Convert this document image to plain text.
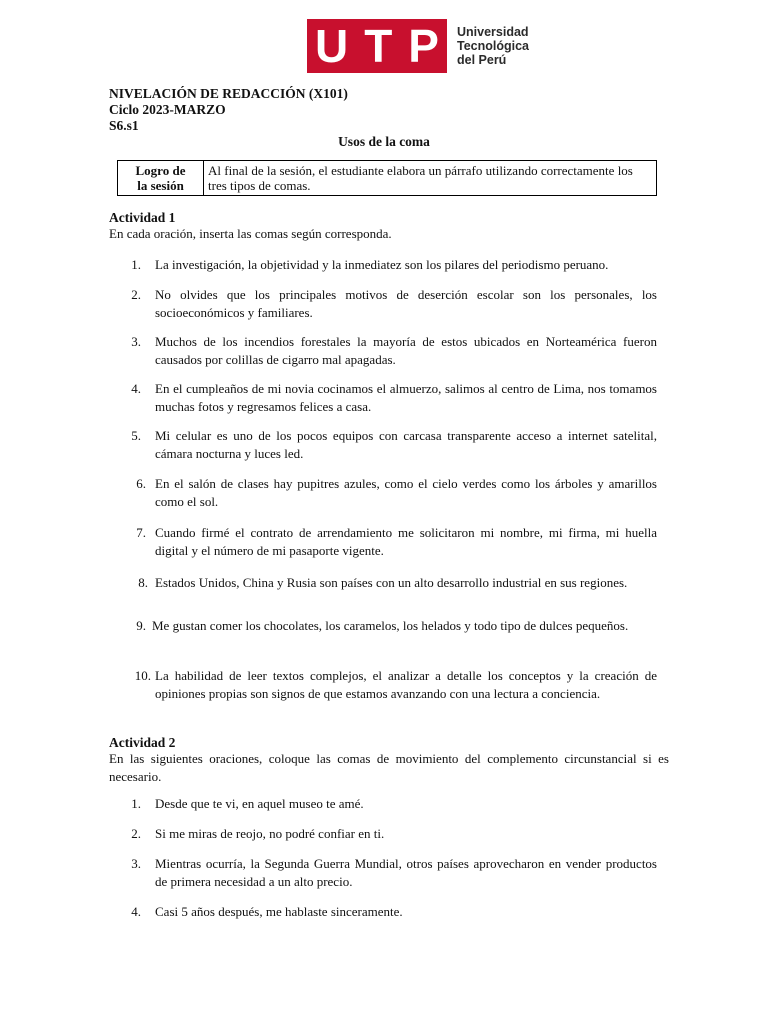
U T P Universidad
Tecnológica
del Perú
NIVELACIÓN DE REDACCIÓN (X101)
Ciclo 2023-MARZO
S6.s1
Usos de la coma
Logro de
la sesión
	Al final de la sesión, el estudiante elabora un párrafo utilizando correctamente los tres tipos de comas.
Actividad 1
En cada oración, inserta las comas según corresponda.
1. La investigación, la objetividad y la inmediatez son los pilares del periodismo peruano.
2. No olvides que los principales motivos de deserción escolar son los personales, los socioeconómicos y familiares.
3. Muchos de los incendios forestales la mayoría de estos ubicados en Norteamérica fueron causados por colillas de cigarro mal apagadas.
4. En el cumpleaños de mi novia cocinamos el almuerzo, salimos al centro de Lima, nos tomamos muchas fotos y regresamos felices a casa.
5. Mi celular es uno de los pocos equipos con carcasa transparente acceso a internet satelital, cámara nocturna y luces led.
6. En el salón de clases hay pupitres azules, como el cielo verdes como los árboles y amarillos como el sol.
7. Cuando firmé el contrato de arrendamiento me solicitaron mi nombre, mi firma, mi huella digital y el número de mi pasaporte vigente.
8. Estados Unidos, China y Rusia son países con un alto desarrollo industrial en sus regiones.
9. Me gustan comer los chocolates, los caramelos, los helados y todo tipo de dulces pequeños.
10. La habilidad de leer textos complejos, el analizar a detalle los conceptos y la creación de opiniones propias son signos de que estamos avanzando con una lectura a conciencia.
Actividad 2
En las siguientes oraciones, coloque las comas de movimiento del complemento circunstancial si es necesario.
1. Desde que te vi, en aquel museo te amé.
2. Si me miras de reojo, no podré confiar en ti.
3. Mientras ocurría, la Segunda Guerra Mundial, otros países aprovecharon en vender productos de primera necesidad a un alto precio.
4. Casi 5 años después, me hablaste sinceramente.
